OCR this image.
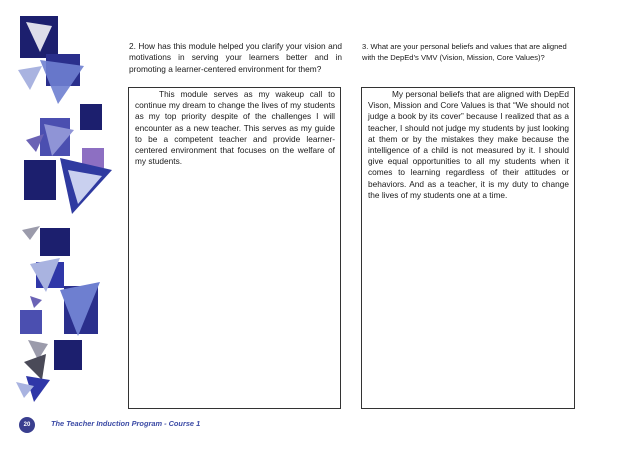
2. How has this module helped you clarify your vision and motivations in serving your learners better and in promoting a learner-centered environment for them?
3. What are your personal beliefs and values that are aligned with the DepEd’s VMV (Vision, Mission, Core Values)?
This module serves as my wakeup call to continue my dream to change the lives of my students as my top priority despite of the challenges I will encounter as a new teacher. This serves as my guide to be a competent teacher and provide learner-centered environment that focuses on the welfare of my students.
My personal beliefs that are aligned with DepEd Vison, Mission and Core Values is that “We should not judge a book by its cover” because I realized that as a teacher, I should not judge my students by just looking at them or by the mistakes they make because the intelligence of a child is not measured by it. I should give equal opportunities to all my students when it comes to learning regardless of their attitudes or behaviors. And as a teacher, it is my duty to change the lives of my students one at a time.
20	The Teacher Induction Program - Course 1
